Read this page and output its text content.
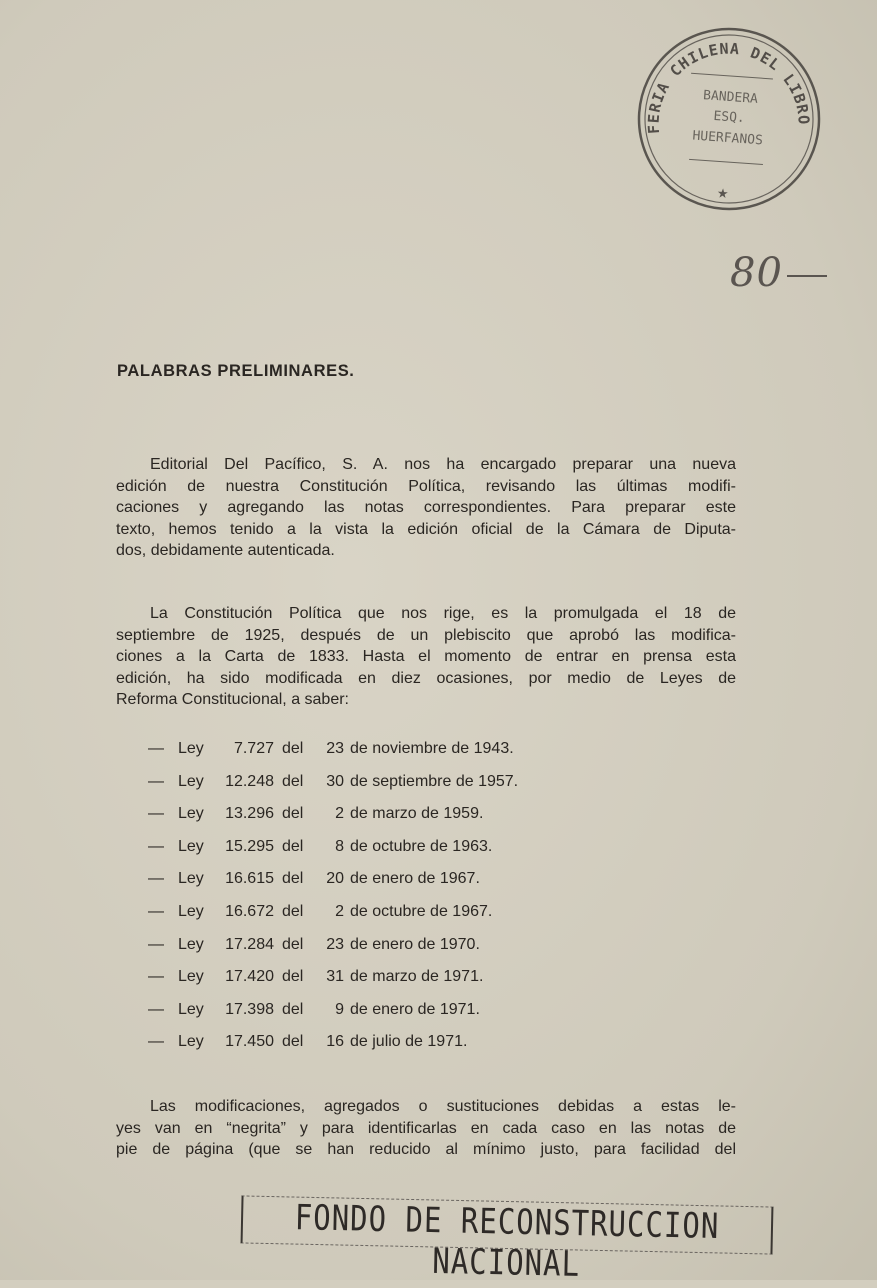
FERIA CHILENA DEL LIBRO
BANDERA
ESQ.
HUERFANOS
★
80
PALABRAS PRELIMINARES.
Editorial Del Pacífico, S. A. nos ha encargado preparar una nueva
edición de nuestra Constitución Política, revisando las últimas modifi-
caciones y agregando las notas correspondientes. Para preparar este
texto, hemos tenido a la vista la edición oficial de la Cámara de Diputa-
dos, debidamente autenticada.
La Constitución Política que nos rige, es la promulgada el 18 de
septiembre de 1925, después de un plebiscito que aprobó las modifica-
ciones a la Carta de 1833. Hasta el momento de entrar en prensa esta
edición, ha sido modificada en diez ocasiones, por medio de Leyes de
Reforma Constitucional, a saber:
— Ley 7.727 del 23 de noviembre de 1943.
— Ley 12.248 del 30 de septiembre de 1957.
— Ley 13.296 del 2 de marzo de 1959.
— Ley 15.295 del 8 de octubre de 1963.
— Ley 16.615 del 20 de enero de 1967.
— Ley 16.672 del 2 de octubre de 1967.
— Ley 17.284 del 23 de enero de 1970.
— Ley 17.420 del 31 de marzo de 1971.
— Ley 17.398 del 9 de enero de 1971.
— Ley 17.450 del 16 de julio de 1971.
Las modificaciones, agregados o sustituciones debidas a estas le-
yes van en “negrita” y para identificarlas en cada caso en las notas de
pie de página (que se han reducido al mínimo justo, para facilidad del
FONDO DE RECONSTRUCCION NACIONAL
